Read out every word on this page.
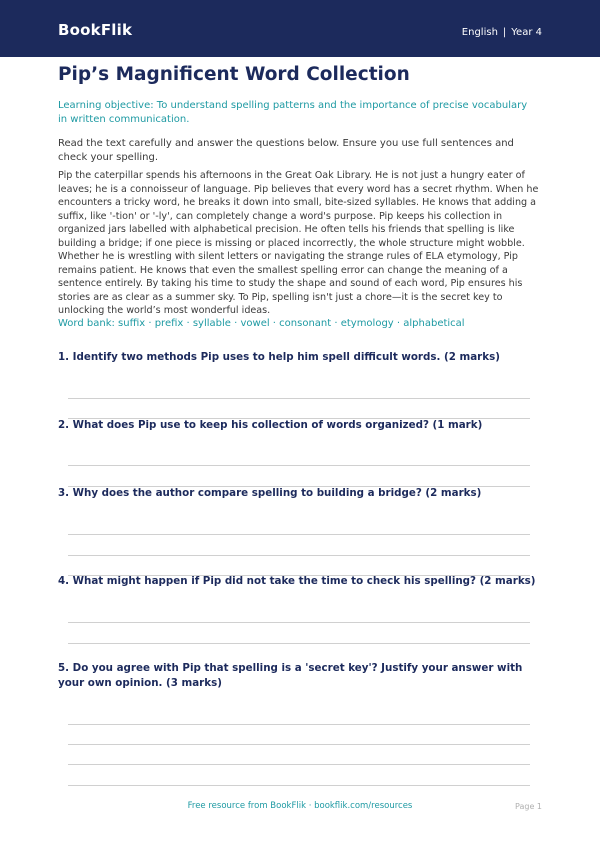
BookFlik	English | Year 4
Pip’s Magnificent Word Collection

Learning objective: To understand spelling patterns and the importance of precise vocabulary in written communication.

Read the text carefully and answer the questions below. Ensure you use full sentences and check your spelling.

Pip the caterpillar spends his afternoons in the Great Oak Library. He is not just a hungry eater of leaves; he is a connoisseur of language. Pip believes that every word has a secret rhythm. When he encounters a tricky word, he breaks it down into small, bite-sized syllables. He knows that adding a suffix, like '-tion' or '-ly', can completely change a word's purpose. Pip keeps his collection in organized jars labelled with alphabetical precision. He often tells his friends that spelling is like building a bridge; if one piece is missing or placed incorrectly, the whole structure might wobble. Whether he is wrestling with silent letters or navigating the strange rules of ELA etymology, Pip remains patient. He knows that even the smallest spelling error can change the meaning of a sentence entirely. By taking his time to study the shape and sound of each word, Pip ensures his stories are as clear as a summer sky. To Pip, spelling isn't just a chore—it is the secret key to unlocking the world’s most wonderful ideas.

Word bank: suffix · prefix · syllable · vowel · consonant · etymology · alphabetical

1. Identify two methods Pip uses to help him spell difficult words. (2 marks)
2. What does Pip use to keep his collection of words organized? (1 mark)
3. Why does the author compare spelling to building a bridge? (2 marks)
4. What might happen if Pip did not take the time to check his spelling? (2 marks)
5. Do you agree with Pip that spelling is a 'secret key'? Justify your answer with your own opinion. (3 marks)
Free resource from BookFlik · bookflik.com/resources	Page 1
